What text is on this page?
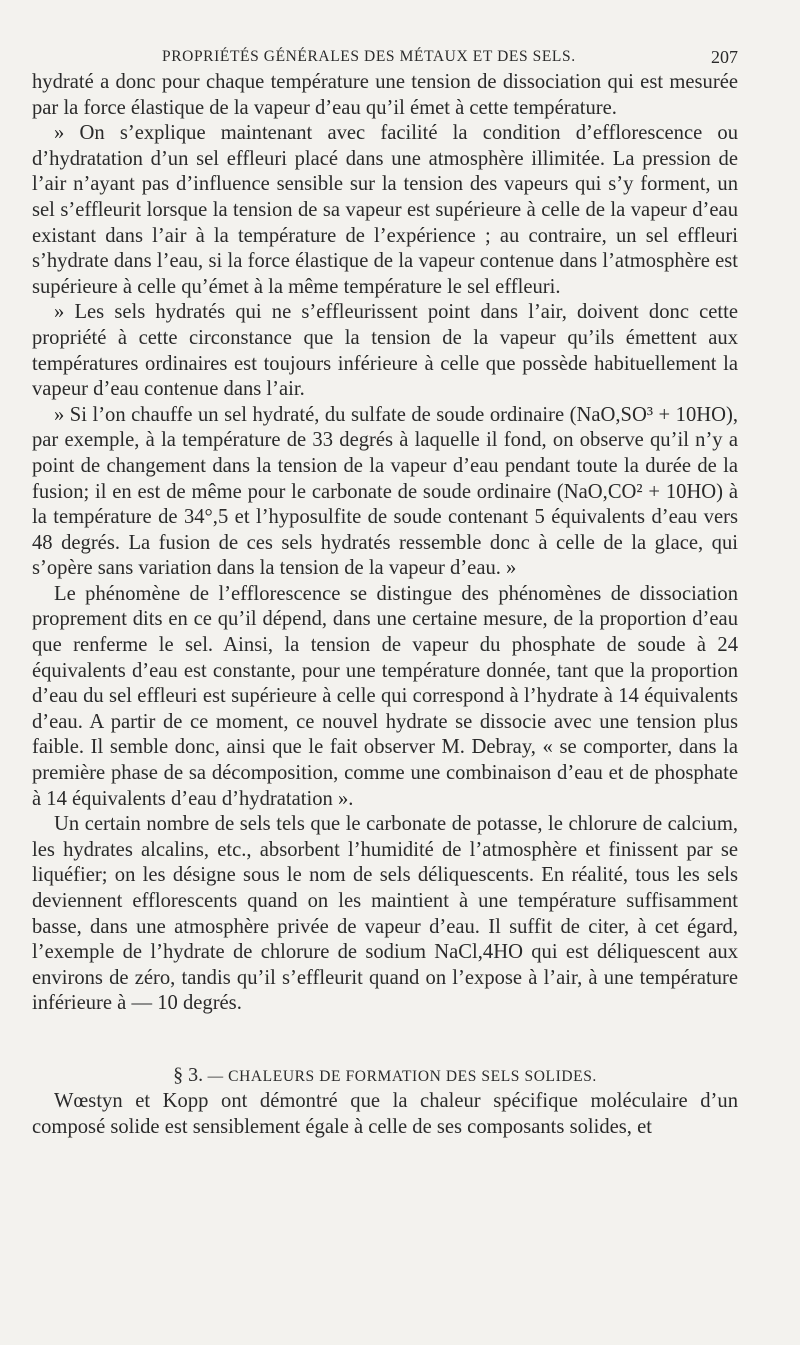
PROPRIÉTÉS GÉNÉRALES DES MÉTAUX ET DES SELS.	207

hydraté a donc pour chaque température une tension de dissociation qui est mesurée par la force élastique de la vapeur d’eau qu’il émet à cette température.

» On s’explique maintenant avec facilité la condition d’efflorescence ou d’hydratation d’un sel effleuri placé dans une atmosphère illimitée. La pression de l’air n’ayant pas d’influence sensible sur la tension des vapeurs qui s’y forment, un sel s’effleurit lorsque la tension de sa vapeur est supérieure à celle de la vapeur d’eau existant dans l’air à la température de l’expérience ; au contraire, un sel effleuri s’hydrate dans l’eau, si la force élastique de la vapeur contenue dans l’atmosphère est supérieure à celle qu’émet à la même température le sel effleuri.

» Les sels hydratés qui ne s’effleurissent point dans l’air, doivent donc cette propriété à cette circonstance que la tension de la vapeur qu’ils émettent aux températures ordinaires est toujours inférieure à celle que possède habituellement la vapeur d’eau contenue dans l’air.

» Si l’on chauffe un sel hydraté, du sulfate de soude ordinaire (NaO,SO³ + 10HO), par exemple, à la température de 33 degrés à laquelle il fond, on observe qu’il n’y a point de changement dans la tension de la vapeur d’eau pendant toute la durée de la fusion; il en est de même pour le carbonate de soude ordinaire (NaO,CO² + 10HO) à la température de 34°,5 et l’hyposulfite de soude contenant 5 équivalents d’eau vers 48 degrés. La fusion de ces sels hydratés ressemble donc à celle de la glace, qui s’opère sans variation dans la tension de la vapeur d’eau. »

Le phénomène de l’efflorescence se distingue des phénomènes de dissociation proprement dits en ce qu’il dépend, dans une certaine mesure, de la proportion d’eau que renferme le sel. Ainsi, la tension de vapeur du phosphate de soude à 24 équivalents d’eau est constante, pour une température donnée, tant que la proportion d’eau du sel effleuri est supérieure à celle qui correspond à l’hydrate à 14 équivalents d’eau. A partir de ce moment, ce nouvel hydrate se dissocie avec une tension plus faible. Il semble donc, ainsi que le fait observer M. Debray, « se comporter, dans la première phase de sa décomposition, comme une combinaison d’eau et de phosphate à 14 équivalents d’eau d’hydratation ».

Un certain nombre de sels tels que le carbonate de potasse, le chlorure de calcium, les hydrates alcalins, etc., absorbent l’humidité de l’atmosphère et finissent par se liquéfier; on les désigne sous le nom de sels déliquescents. En réalité, tous les sels deviennent efflorescents quand on les maintient à une température suffisamment basse, dans une atmosphère privée de vapeur d’eau. Il suffit de citer, à cet égard, l’exemple de l’hydrate de chlorure de sodium NaCl,4HO qui est déliquescent aux environs de zéro, tandis qu’il s’effleurit quand on l’expose à l’air, à une température inférieure à — 10 degrés.

§ 3. — CHALEURS DE FORMATION DES SELS SOLIDES.

Wœstyn et Kopp ont démontré que la chaleur spécifique moléculaire d’un composé solide est sensiblement égale à celle de ses composants solides, et
